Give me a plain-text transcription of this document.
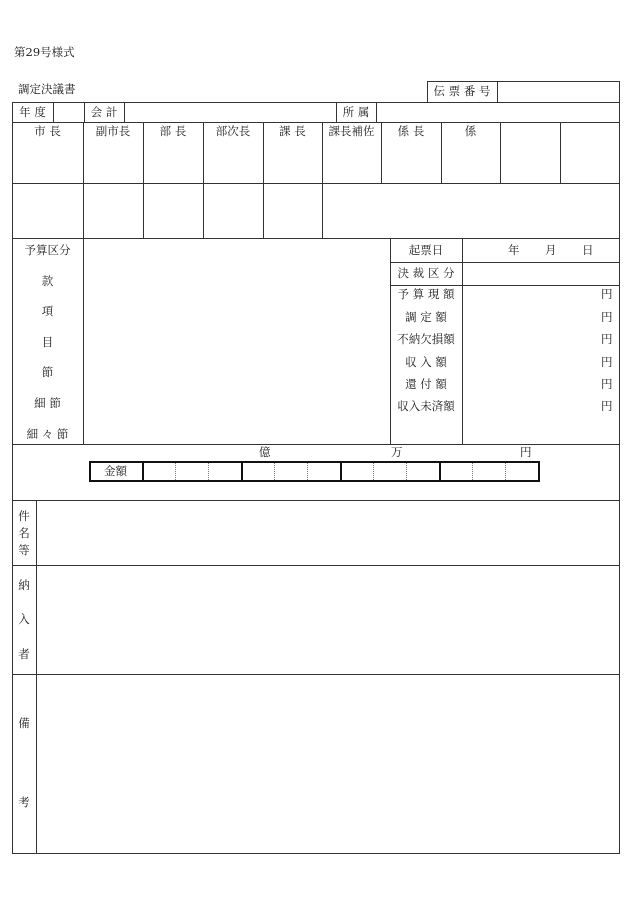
第29号様式
調定決議書	伝 票 番 号
年 度	会 計	所 属
市 長	副市長	部 長	部次長	課 長	課長補佐	係 長	係
予算区分
款
項
目
節
細 節
細 々 節
起票日	年 月 日
決 裁 区 分
予 算 現 額	円
調 定 額	円
不納欠損額	円
収 入 額	円
還 付 額	円
収入未済額	円
億	万	円
金額
件
名
等
納
入
者
備
考
